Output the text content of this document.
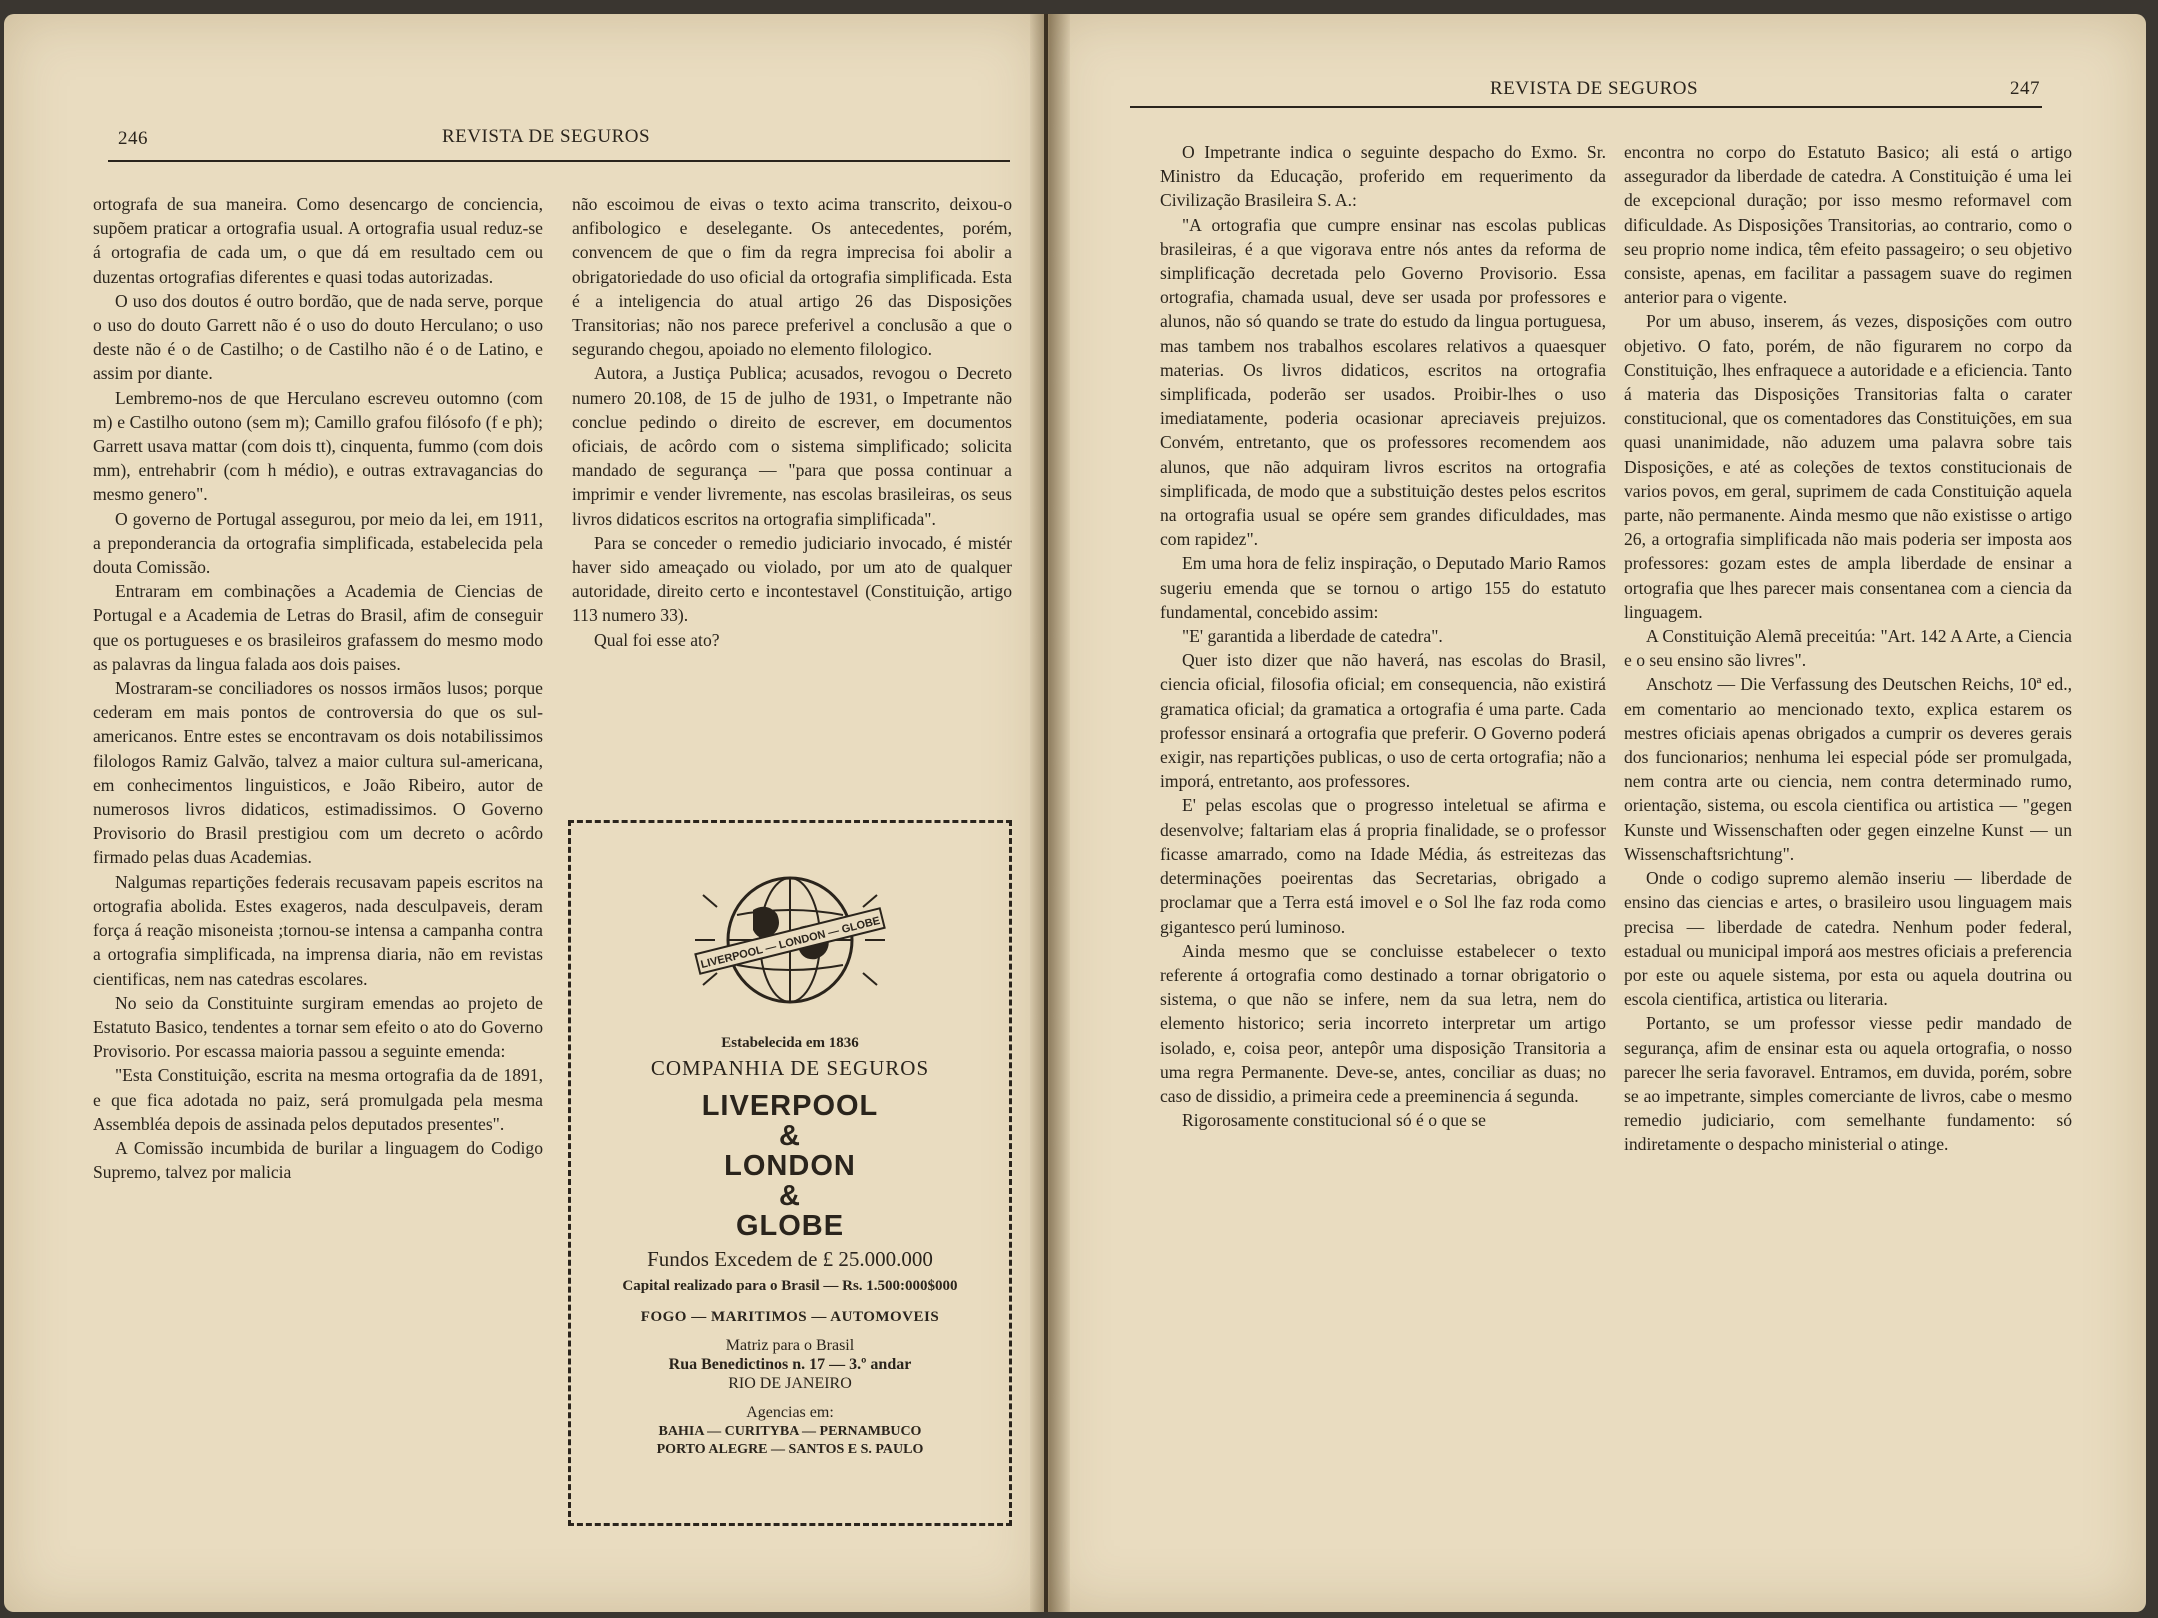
246	REVISTA DE SEGUROS

ortografa de sua maneira. Como desencargo de conciencia, supõem praticar a ortografia usual. A ortografia usual reduz-se á ortografia de cada um, o que dá em resultado cem ou duzentas ortografias diferentes e quasi todas autorizadas.

O uso dos doutos é outro bordão, que de nada serve, porque o uso do douto Garrett não é o uso do douto Herculano; o uso deste não é o de Castilho; o de Castilho não é o de Latino, e assim por diante.

Lembremo-nos de que Herculano escreveu outomno (com m) e Castilho outono (sem m); Camillo grafou filósofo (f e ph); Garrett usava mattar (com dois tt), cinquenta, fummo (com dois mm), entrehabrir (com h médio), e outras extravagancias do mesmo genero".

O governo de Portugal assegurou, por meio da lei, em 1911, a preponderancia da ortografia simplificada, estabelecida pela douta Comissão.

Entraram em combinações a Academia de Ciencias de Portugal e a Academia de Letras do Brasil, afim de conseguir que os portugueses e os brasileiros grafassem do mesmo modo as palavras da lingua falada aos dois paises.

Mostraram-se conciliadores os nossos irmãos lusos; porque cederam em mais pontos de controversia do que os sul-americanos. Entre estes se encontravam os dois notabilissimos filologos Ramiz Galvão, talvez a maior cultura sul-americana, em conhecimentos linguisticos, e João Ribeiro, autor de numerosos livros didaticos, estimadissimos. O Governo Provisorio do Brasil prestigiou com um decreto o acôrdo firmado pelas duas Academias.

Nalgumas repartições federais recusavam papeis escritos na ortografia abolida. Estes exageros, nada desculpaveis, deram força á reação misoneista ;tornou-se intensa a campanha contra a ortografia simplificada, na imprensa diaria, não em revistas cientificas, nem nas catedras escolares.

No seio da Constituinte surgiram emendas ao projeto de Estatuto Basico, tendentes a tornar sem efeito o ato do Governo Provisorio. Por escassa maioria passou a seguinte emenda:

"Esta Constituição, escrita na mesma ortografia da de 1891, e que fica adotada no paiz, será promulgada pela mesma Assembléa depois de assinada pelos deputados presentes".

A Comissão incumbida de burilar a linguagem do Codigo Supremo, talvez por malicia

não escoimou de eivas o texto acima transcrito, deixou-o anfibologico e deselegante. Os antecedentes, porém, convencem de que o fim da regra imprecisa foi abolir a obrigatoriedade do uso oficial da ortografia simplificada. Esta é a inteligencia do atual artigo 26 das Disposições Transitorias; não nos parece preferivel a conclusão a que o segurando chegou, apoiado no elemento filologico.

Autora, a Justiça Publica; acusados, revogou o Decreto numero 20.108, de 15 de julho de 1931, o Impetrante não conclue pedindo o direito de escrever, em documentos oficiais, de acôrdo com o sistema simplificado; solicita mandado de segurança — "para que possa continuar a imprimir e vender livremente, nas escolas brasileiras, os seus livros didaticos escritos na ortografia simplificada".

Para se conceder o remedio judiciario invocado, é mistér haver sido ameaçado ou violado, por um ato de qualquer autoridade, direito certo e incontestavel (Constituição, artigo 113 numero 33).

Qual foi esse ato?

LIVERPOOL — LONDON — GLOBE
Estabelecida em 1836
COMPANHIA DE SEGUROS
LIVERPOOL
&
LONDON
&
GLOBE
Fundos Excedem de £ 25.000.000
Capital realizado para o Brasil — Rs. 1.500:000$000
FOGO — MARITIMOS — AUTOMOVEIS
Matriz para o Brasil
Rua Benedictinos n. 17 — 3.º andar
RIO DE JANEIRO
Agencias em:
BAHIA — CURITYBA — PERNAMBUCO
PORTO ALEGRE — SANTOS E S. PAULO
REVISTA DE SEGUROS	247

O Impetrante indica o seguinte despacho do Exmo. Sr. Ministro da Educação, proferido em requerimento da Civilização Brasileira S. A.:

"A ortografia que cumpre ensinar nas escolas publicas brasileiras, é a que vigorava entre nós antes da reforma de simplificação decretada pelo Governo Provisorio. Essa ortografia, chamada usual, deve ser usada por professores e alunos, não só quando se trate do estudo da lingua portuguesa, mas tambem nos trabalhos escolares relativos a quaesquer materias. Os livros didaticos, escritos na ortografia simplificada, poderão ser usados. Proibir-lhes o uso imediatamente, poderia ocasionar apreciaveis prejuizos. Convém, entretanto, que os professores recomendem aos alunos, que não adquiram livros escritos na ortografia simplificada, de modo que a substituição destes pelos escritos na ortografia usual se opére sem grandes dificuldades, mas com rapidez".

Em uma hora de feliz inspiração, o Deputado Mario Ramos sugeriu emenda que se tornou o artigo 155 do estatuto fundamental, concebido assim:

"E' garantida a liberdade de catedra".

Quer isto dizer que não haverá, nas escolas do Brasil, ciencia oficial, filosofia oficial; em consequencia, não existirá gramatica oficial; da gramatica a ortografia é uma parte. Cada professor ensinará a ortografia que preferir. O Governo poderá exigir, nas repartições publicas, o uso de certa ortografia; não a imporá, entretanto, aos professores.

E' pelas escolas que o progresso inteletual se afirma e desenvolve; faltariam elas á propria finalidade, se o professor ficasse amarrado, como na Idade Média, ás estreitezas das determinações poeirentas das Secretarias, obrigado a proclamar que a Terra está imovel e o Sol lhe faz roda como gigantesco perú luminoso.

Ainda mesmo que se concluisse estabelecer o texto referente á ortografia como destinado a tornar obrigatorio o sistema, o que não se infere, nem da sua letra, nem do elemento historico; seria incorreto interpretar um artigo isolado, e, coisa peor, antepôr uma disposição Transitoria a uma regra Permanente. Deve-se, antes, conciliar as duas; no caso de dissidio, a primeira cede a preeminencia á segunda.

Rigorosamente constitucional só é o que se

encontra no corpo do Estatuto Basico; ali está o artigo assegurador da liberdade de catedra. A Constituição é uma lei de excepcional duração; por isso mesmo reformavel com dificuldade. As Disposições Transitorias, ao contrario, como o seu proprio nome indica, têm efeito passageiro; o seu objetivo consiste, apenas, em facilitar a passagem suave do regimen anterior para o vigente.

Por um abuso, inserem, ás vezes, disposições com outro objetivo. O fato, porém, de não figurarem no corpo da Constituição, lhes enfraquece a autoridade e a eficiencia. Tanto á materia das Disposições Transitorias falta o carater constitucional, que os comentadores das Constituições, em sua quasi unanimidade, não aduzem uma palavra sobre tais Disposições, e até as coleções de textos constitucionais de varios povos, em geral, suprimem de cada Constituição aquela parte, não permanente. Ainda mesmo que não existisse o artigo 26, a ortografia simplificada não mais poderia ser imposta aos professores: gozam estes de ampla liberdade de ensinar a ortografia que lhes parecer mais consentanea com a ciencia da linguagem.

A Constituição Alemã preceitúa: "Art. 142 A Arte, a Ciencia e o seu ensino são livres".

Anschotz — Die Verfassung des Deutschen Reichs, 10ª ed., em comentario ao mencionado texto, explica estarem os mestres oficiais apenas obrigados a cumprir os deveres gerais dos funcionarios; nenhuma lei especial póde ser promulgada, nem contra arte ou ciencia, nem contra determinado rumo, orientação, sistema, ou escola cientifica ou artistica — "gegen Kunste und Wissenschaften oder gegen einzelne Kunst — un Wissenschaftsrichtung".

Onde o codigo supremo alemão inseriu — liberdade de ensino das ciencias e artes, o brasileiro usou linguagem mais precisa — liberdade de catedra. Nenhum poder federal, estadual ou municipal imporá aos mestres oficiais a preferencia por este ou aquele sistema, por esta ou aquela doutrina ou escola cientifica, artistica ou literaria.

Portanto, se um professor viesse pedir mandado de segurança, afim de ensinar esta ou aquela ortografia, o nosso parecer lhe seria favoravel. Entramos, em duvida, porém, sobre se ao impetrante, simples comerciante de livros, cabe o mesmo remedio judiciario, com semelhante fundamento: só indiretamente o despacho ministerial o atinge.
